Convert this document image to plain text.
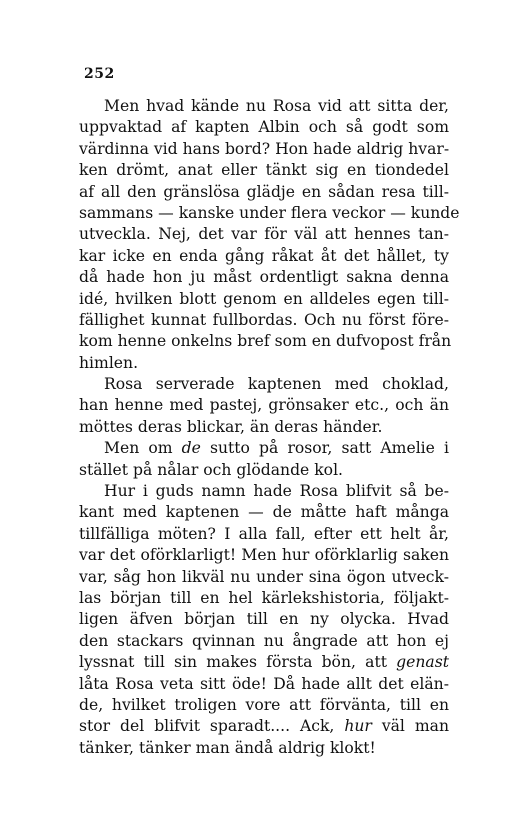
252
Men hvad kände nu Rosa vid att sitta der,
uppvaktad af kapten Albin och så godt som
värdinna vid hans bord? Hon hade aldrig hvar-
ken drömt, anat eller tänkt sig en tiondedel
af all den gränslösa glädje en sådan resa till-
sammans — kanske under flera veckor — kunde
utveckla. Nej, det var för väl att hennes tan-
kar icke en enda gång råkat åt det hållet, ty
då hade hon ju måst ordentligt sakna denna
idé, hvilken blott genom en alldeles egen till-
fällighet kunnat fullbordas. Och nu först före-
kom henne onkelns bref som en dufvopost från
himlen.
Rosa serverade kaptenen med choklad,
han henne med pastej, grönsaker etc., och än
möttes deras blickar, än deras händer.
Men om de sutto på rosor, satt Amelie i
stället på nålar och glödande kol.
Hur i guds namn hade Rosa blifvit så be-
kant med kaptenen — de måtte haft många
tillfälliga möten? I alla fall, efter ett helt år,
var det oförklarligt! Men hur oförklarlig saken
var, såg hon likväl nu under sina ögon utveck-
las början till en hel kärlekshistoria, följakt-
ligen äfven början till en ny olycka. Hvad
den stackars qvinnan nu ångrade att hon ej
lyssnat till sin makes första bön, att genast
låta Rosa veta sitt öde! Då hade allt det elän-
de, hvilket troligen vore att förvänta, till en
stor del blifvit sparadt.... Ack, hur väl man
tänker, tänker man ändå aldrig klokt!
